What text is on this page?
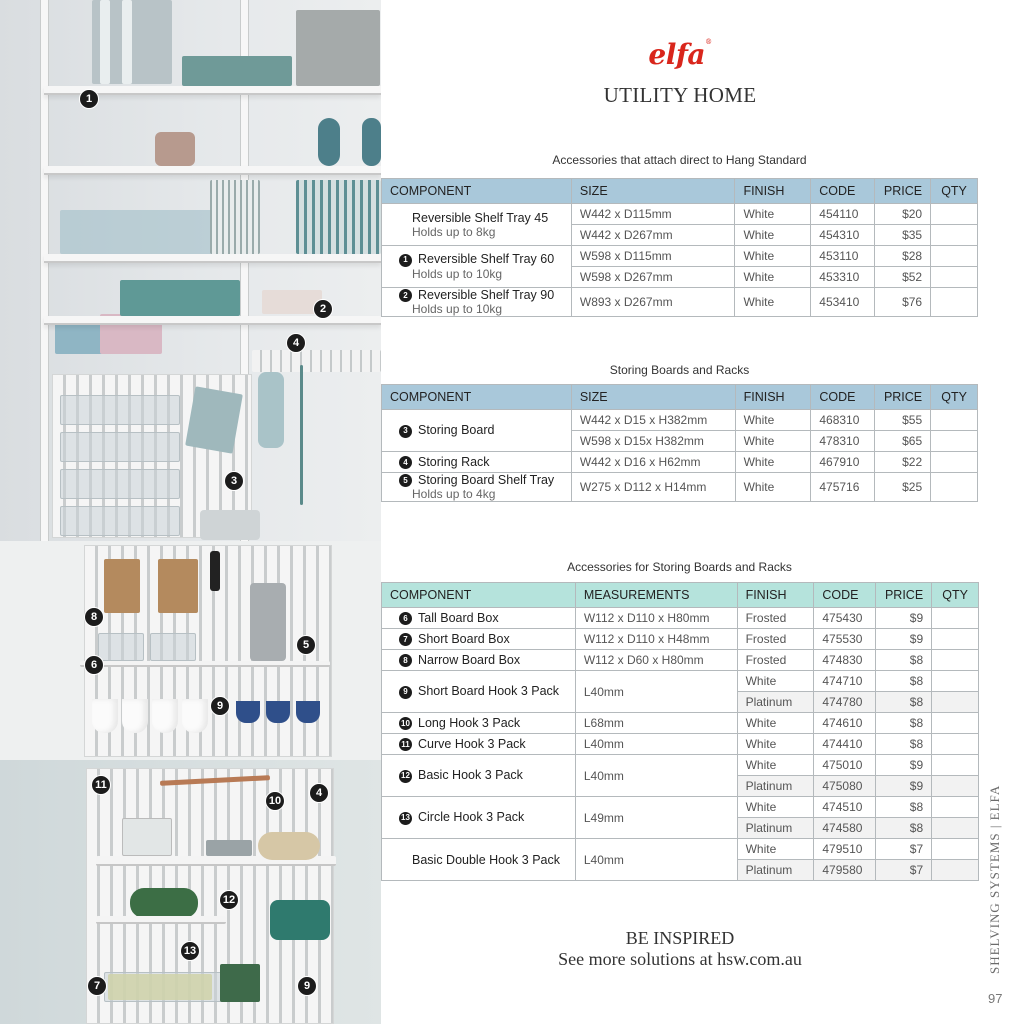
1
2
4
3
8
6
5
9
11
10
4
12
13
7	9
elfa®
UTILITY HOME
Accessories that attach direct to Hang Standard
COMPONENT	SIZE	FINISH	CODE	PRICE	QTY
Reversible Shelf Tray 45
Holds up to 8kg	W442 x D115mm	White	454110	$20	
	W442 x D267mm	White	454310	$35	
1 Reversible Shelf Tray 60
Holds up to 10kg	W598 x D115mm	White	453110	$28	
	W598 x D267mm	White	453310	$52	
2 Reversible Shelf Tray 90
Holds up to 10kg	W893 x D267mm	White	453410	$76	
Storing Boards and Racks
COMPONENT	SIZE	FINISH	CODE	PRICE	QTY
3 Storing Board	W442 x D15 x H382mm	White	468310	$55	
	W598 x D15x H382mm	White	478310	$65	
4 Storing Rack	W442 x D16 x H62mm	White	467910	$22	
5 Storing Board Shelf Tray
Holds up to 4kg	W275 x D112 x H14mm	White	475716	$25	
Accessories for Storing Boards and Racks
COMPONENT	MEASUREMENTS	FINISH	CODE	PRICE	QTY
6 Tall Board Box	W112 x D110 x H80mm	Frosted	475430	$9	
7 Short Board Box	W112 x D110 x H48mm	Frosted	475530	$9	
8 Narrow Board Box	W112 x D60 x H80mm	Frosted	474830	$8	
9 Short Board Hook 3 Pack	L40mm	White	474710	$8	
		Platinum	474780	$8	
10 Long Hook 3 Pack	L68mm	White	474610	$8	
11 Curve Hook 3 Pack	L40mm	White	474410	$8	
12 Basic Hook 3 Pack	L40mm	White	475010	$9	
		Platinum	475080	$9	
13 Circle Hook 3 Pack	L49mm	White	474510	$8	
		Platinum	474580	$8	
Basic Double Hook 3 Pack	L40mm	White	479510	$7	
		Platinum	479580	$7	
BE INSPIRED
See more solutions at hsw.com.au	SHELVING SYSTEMS | ELFA
97
